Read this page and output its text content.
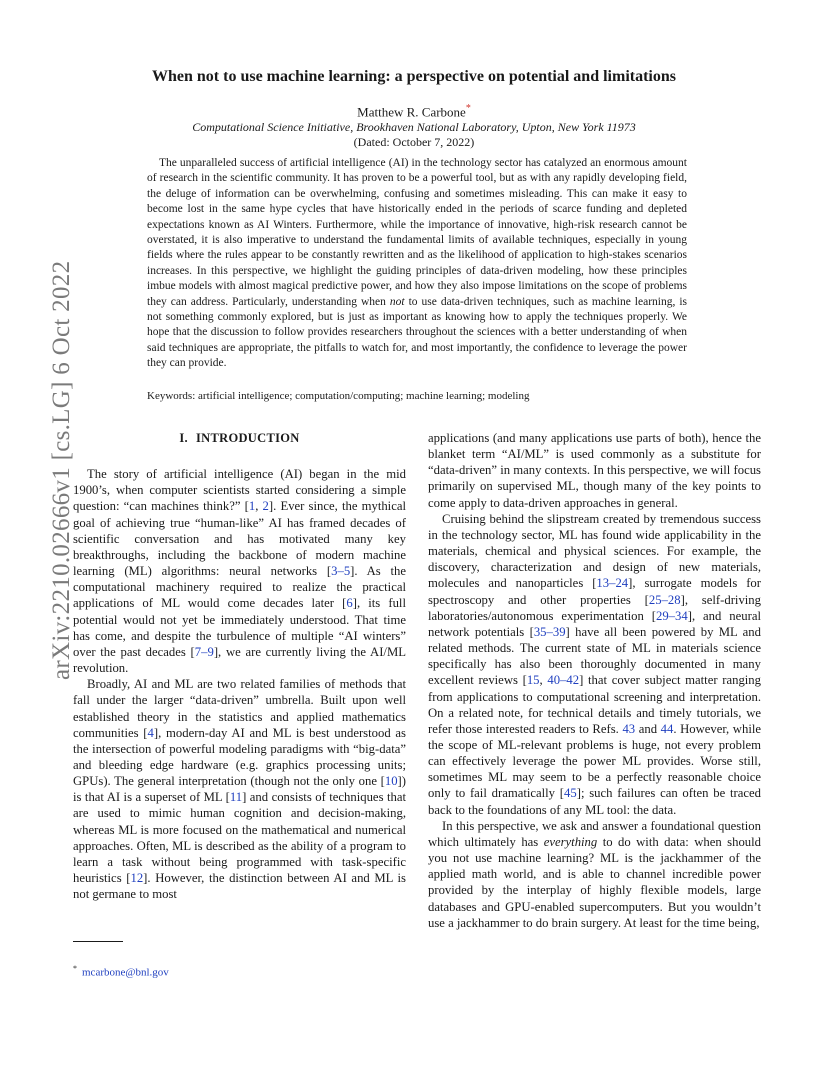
arXiv:2210.02666v1 [cs.LG] 6 Oct 2022
When not to use machine learning: a perspective on potential and limitations
Matthew R. Carbone*
Computational Science Initiative, Brookhaven National Laboratory, Upton, New York 11973
(Dated: October 7, 2022)
The unparalleled success of artificial intelligence (AI) in the technology sector has catalyzed an enormous amount of research in the scientific community. It has proven to be a powerful tool, but as with any rapidly developing field, the deluge of information can be overwhelming, confusing and sometimes misleading. This can make it easy to become lost in the same hype cycles that have historically ended in the periods of scarce funding and depleted expectations known as AI Winters. Furthermore, while the importance of innovative, high-risk research cannot be overstated, it is also imperative to understand the fundamental limits of available techniques, especially in young fields where the rules appear to be constantly rewritten and as the likelihood of application to high-stakes scenarios increases. In this perspective, we highlight the guiding principles of data-driven modeling, how these principles imbue models with almost magical predictive power, and how they also impose limitations on the scope of problems they can address. Particularly, understanding when not to use data-driven techniques, such as machine learning, is not something commonly explored, but is just as important as knowing how to apply the techniques properly. We hope that the discussion to follow provides researchers throughout the sciences with a better understanding of when said techniques are appropriate, the pitfalls to watch for, and most importantly, the confidence to leverage the power they can provide.
Keywords: artificial intelligence; computation/computing; machine learning; modeling
I. INTRODUCTION

The story of artificial intelligence (AI) began in the mid 1900’s, when computer scientists started considering a simple question: “can machines think?” [1, 2]. Ever since, the mythical goal of achieving true “human-like” AI has framed decades of scientific conversation and has motivated many key breakthroughs, including the backbone of modern machine learning (ML) algorithms: neural networks [3–5]. As the computational machinery required to realize the practical applications of ML would come decades later [6], its full potential would not yet be immediately understood. That time has come, and despite the turbulence of multiple “AI winters” over the past decades [7–9], we are currently living the AI/ML revolution.

Broadly, AI and ML are two related families of methods that fall under the larger “data-driven” umbrella. Built upon well established theory in the statistics and applied mathematics communities [4], modern-day AI and ML is best understood as the intersection of powerful modeling paradigms with “big-data” and bleeding edge hardware (e.g. graphics processing units; GPUs). The general interpretation (though not the only one [10]) is that AI is a superset of ML [11] and consists of techniques that are used to mimic human cognition and decision-making, whereas ML is more focused on the mathematical and numerical approaches. Often, ML is described as the ability of a program to learn a task without being programmed with task-specific heuristics [12]. However, the distinction between AI and ML is not germane to most

applications (and many applications use parts of both), hence the blanket term “AI/ML” is used commonly as a substitute for “data-driven” in many contexts. In this perspective, we will focus primarily on supervised ML, though many of the key points to come apply to data-driven approaches in general.

Cruising behind the slipstream created by tremendous success in the technology sector, ML has found wide applicability in the materials, chemical and physical sciences. For example, the discovery, characterization and design of new materials, molecules and nanoparticles [13–24], surrogate models for spectroscopy and other properties [25–28], self-driving laboratories/autonomous experimentation [29–34], and neural network potentials [35–39] have all been powered by ML and related methods. The current state of ML in materials science specifically has also been thoroughly documented in many excellent reviews [15, 40–42] that cover subject matter ranging from applications to computational screening and interpretation. On a related note, for technical details and timely tutorials, we refer those interested readers to Refs. 43 and 44. However, while the scope of ML-relevant problems is huge, not every problem can effectively leverage the power ML provides. Worse still, sometimes ML may seem to be a perfectly reasonable choice only to fail dramatically [45]; such failures can often be traced back to the foundations of any ML tool: the data.

In this perspective, we ask and answer a foundational question which ultimately has everything to do with data: when should you not use machine learning? ML is the jackhammer of the applied math world, and is able to channel incredible power provided by the interplay of highly flexible models, large databases and GPU-enabled supercomputers. But you wouldn’t use a jackhammer to do brain surgery. At least for the time being,

* mcarbone@bnl.gov
